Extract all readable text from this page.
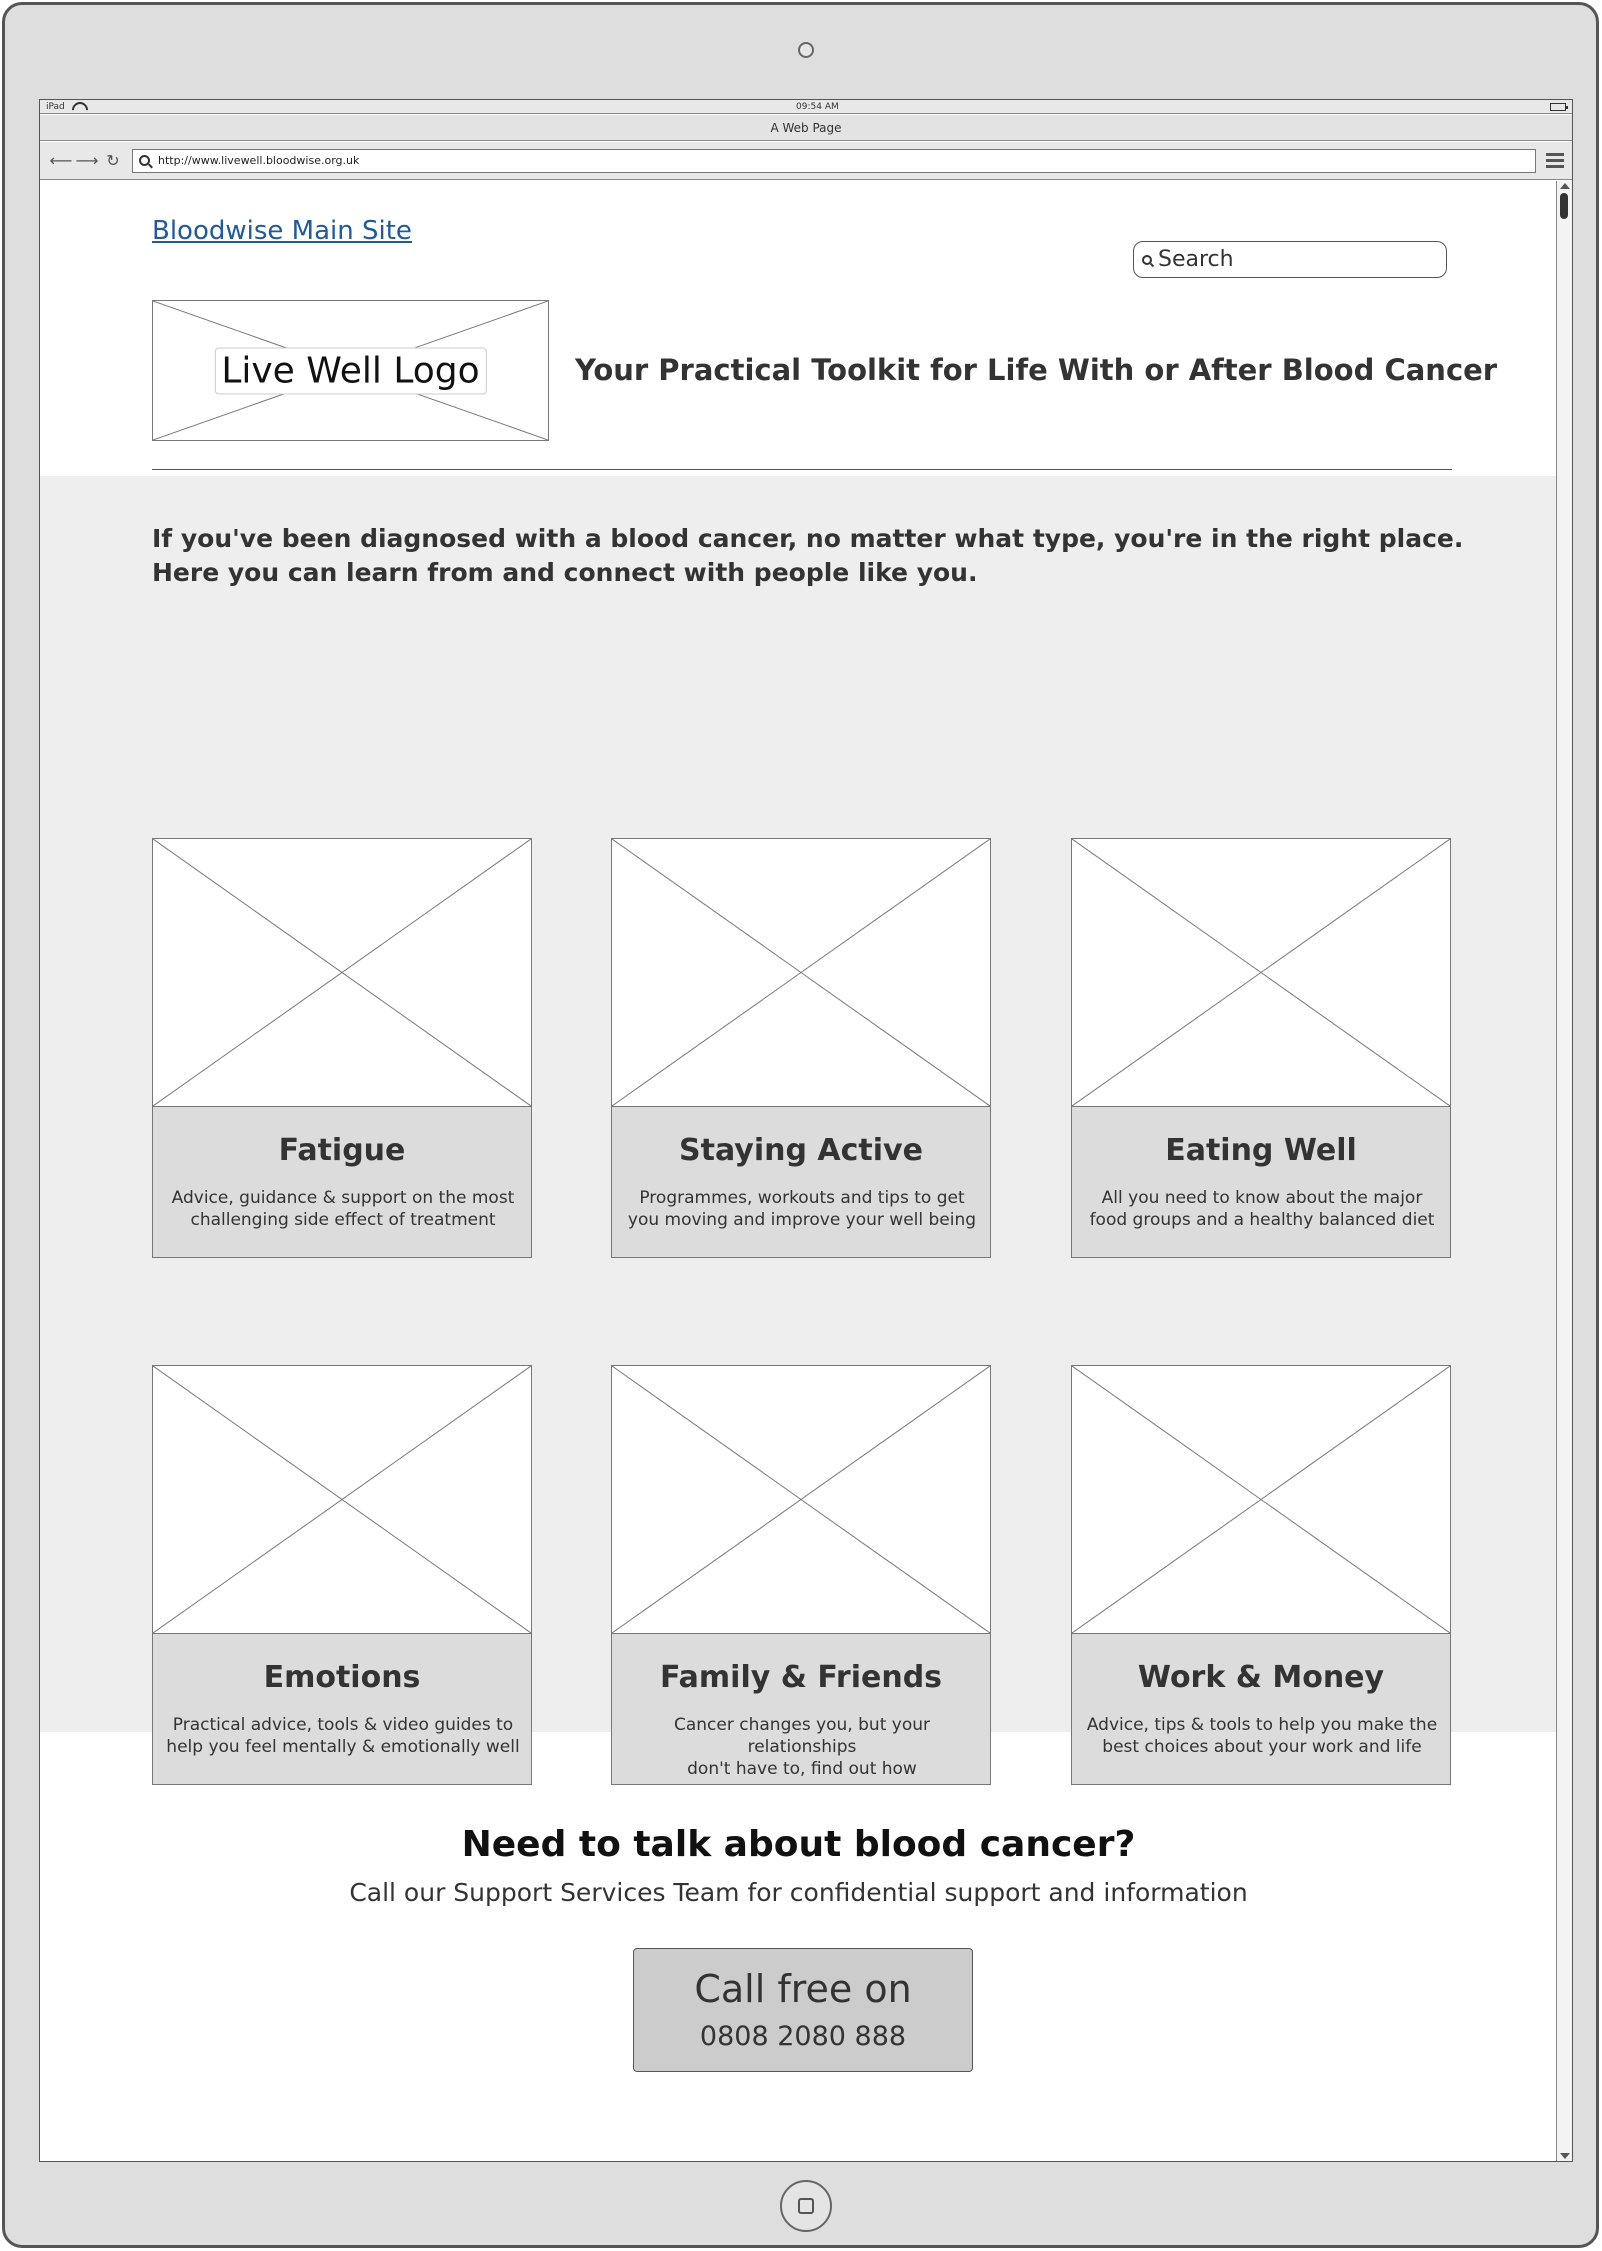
iPad	09:54 AM
A Web Page
⟵ ⟶ ↻	http://www.livewell.bloodwise.org.uk
Bloodwise Main Site
Search
Live Well Logo	Your Practical Toolkit for Life With or After Blood Cancer
If you've been diagnosed with a blood cancer, no matter what type, you're in the right place.
Here you can learn from and connect with people like you.
Fatigue
Advice, guidance & support on the most
challenging side effect of treatment
Staying Active
Programmes, workouts and tips to get
you moving and improve your well being
Eating Well
All you need to know about the major
food groups and a healthy balanced diet
Emotions
Practical advice, tools & video guides to
help you feel mentally & emotionally well
Family & Friends
Cancer changes you, but your relationships
don't have to, find out how
Work & Money
Advice, tips & tools to help you make the
best choices about your work and life
Need to talk about blood cancer?
Call our Support Services Team for confidential support and information
Call free on
0808 2080 888
